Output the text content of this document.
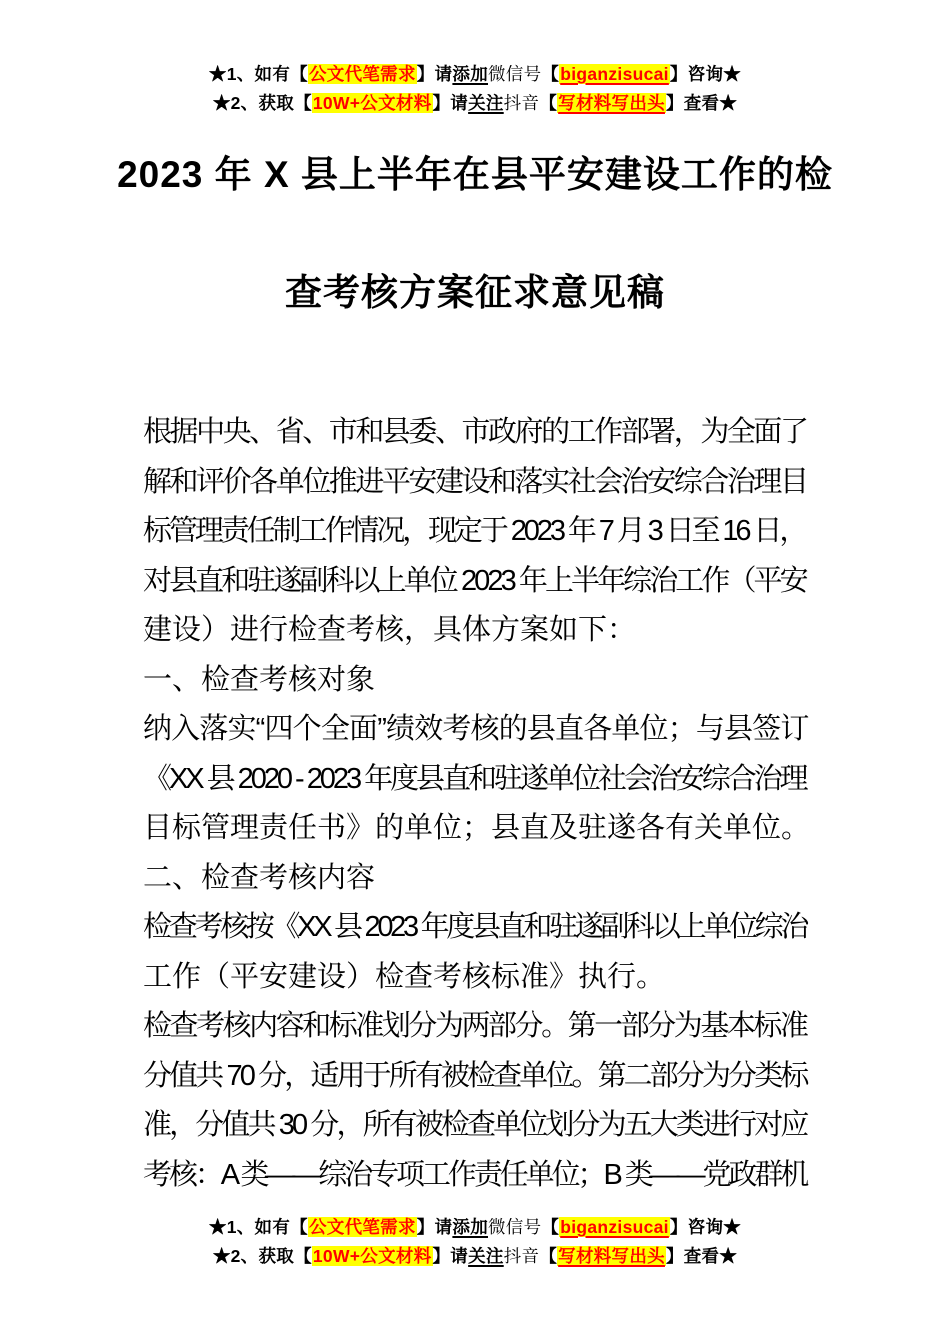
★1、如有【公文代笔需求】请添加微信号【biganzisucai】咨询★
★2、获取【10W+公文材料】请关注抖音【写材料写出头】查看★
2023 年 X 县上半年在县平安建设工作的检
查考核方案征求意见稿
根据中央、省、市和县委、市政府的工作部署，为全面了
解和评价各单位推进平安建设和落实社会治安综合治理目
标管理责任制工作情况，现定于 2023 年 7 月 3 日至 16 日，
对县直和驻遂副科以上单位 2023 年上半年综治工作（平安
建设）进行检查考核，具体方案如下：
一、检查考核对象
纳入落实“四个全面”绩效考核的县直各单位；与县签订
《XX 县 2020 - 2023 年度县直和驻遂单位社会治安综合治理
目标管理责任书》的单位；县直及驻遂各有关单位。
二、检查考核内容
检查考核按《XX 县 2023 年度县直和驻遂副科以上单位综治
工作（平安建设）检查考核标准》执行。
检查考核内容和标准划分为两部分。第一部分为基本标准
分值共 70 分，适用于所有被检查单位。第二部分为分类标
准，分值共 30 分，所有被检查单位划分为五大类进行对应
考核：A 类——综治专项工作责任单位；B 类——党政群机
★1、如有【公文代笔需求】请添加微信号【biganzisucai】咨询★
★2、获取【10W+公文材料】请关注抖音【写材料写出头】查看★
